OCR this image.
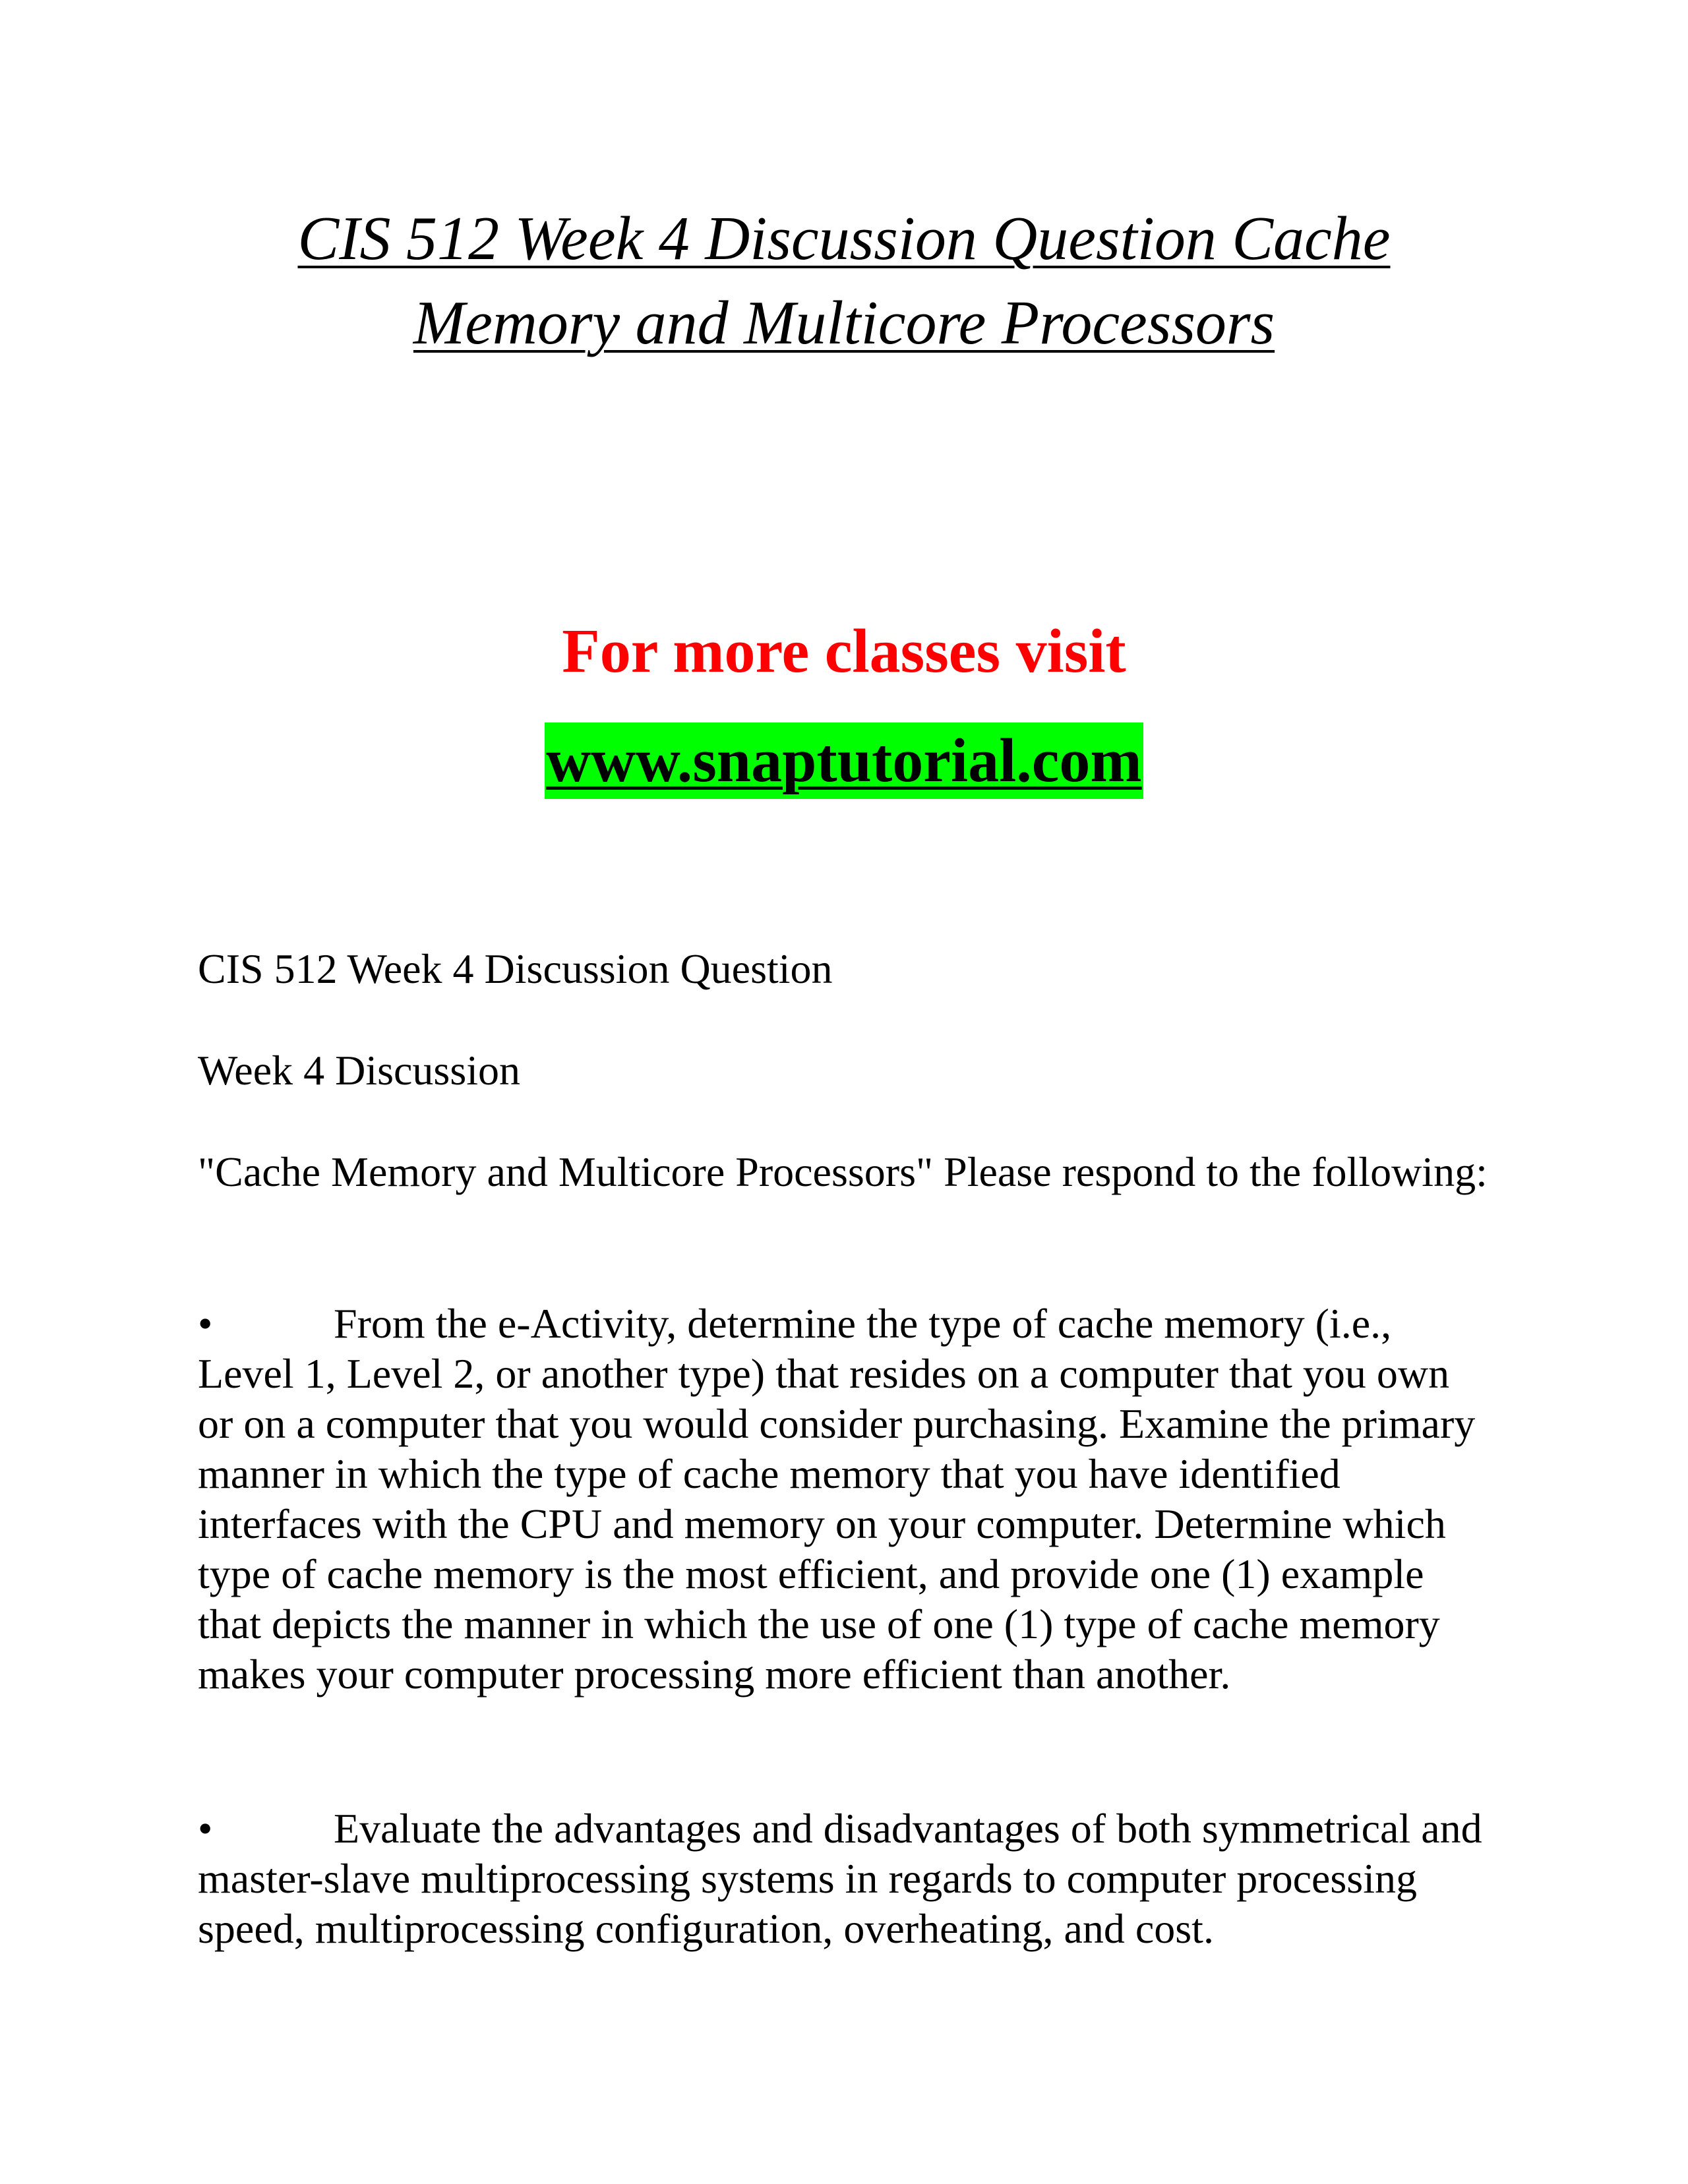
CIS 512 Week 4 Discussion Question Cache
Memory and Multicore Processors
For more classes visit
www.snaptutorial.com
CIS 512 Week 4 Discussion Question
Week 4 Discussion
"Cache Memory and Multicore Processors" Please respond to the following:
•	From the e-Activity, determine the type of cache memory (i.e., Level 1, Level 2, or another type) that resides on a computer that you own or on a computer that you would consider purchasing. Examine the primary manner in which the type of cache memory that you have identified interfaces with the CPU and memory on your computer. Determine which type of cache memory is the most efficient, and provide one (1) example that depicts the manner in which the use of one (1) type of cache memory makes your computer processing more efficient than another.
•	Evaluate the advantages and disadvantages of both symmetrical and master-slave multiprocessing systems in regards to computer processing speed, multiprocessing configuration, overheating, and cost.
